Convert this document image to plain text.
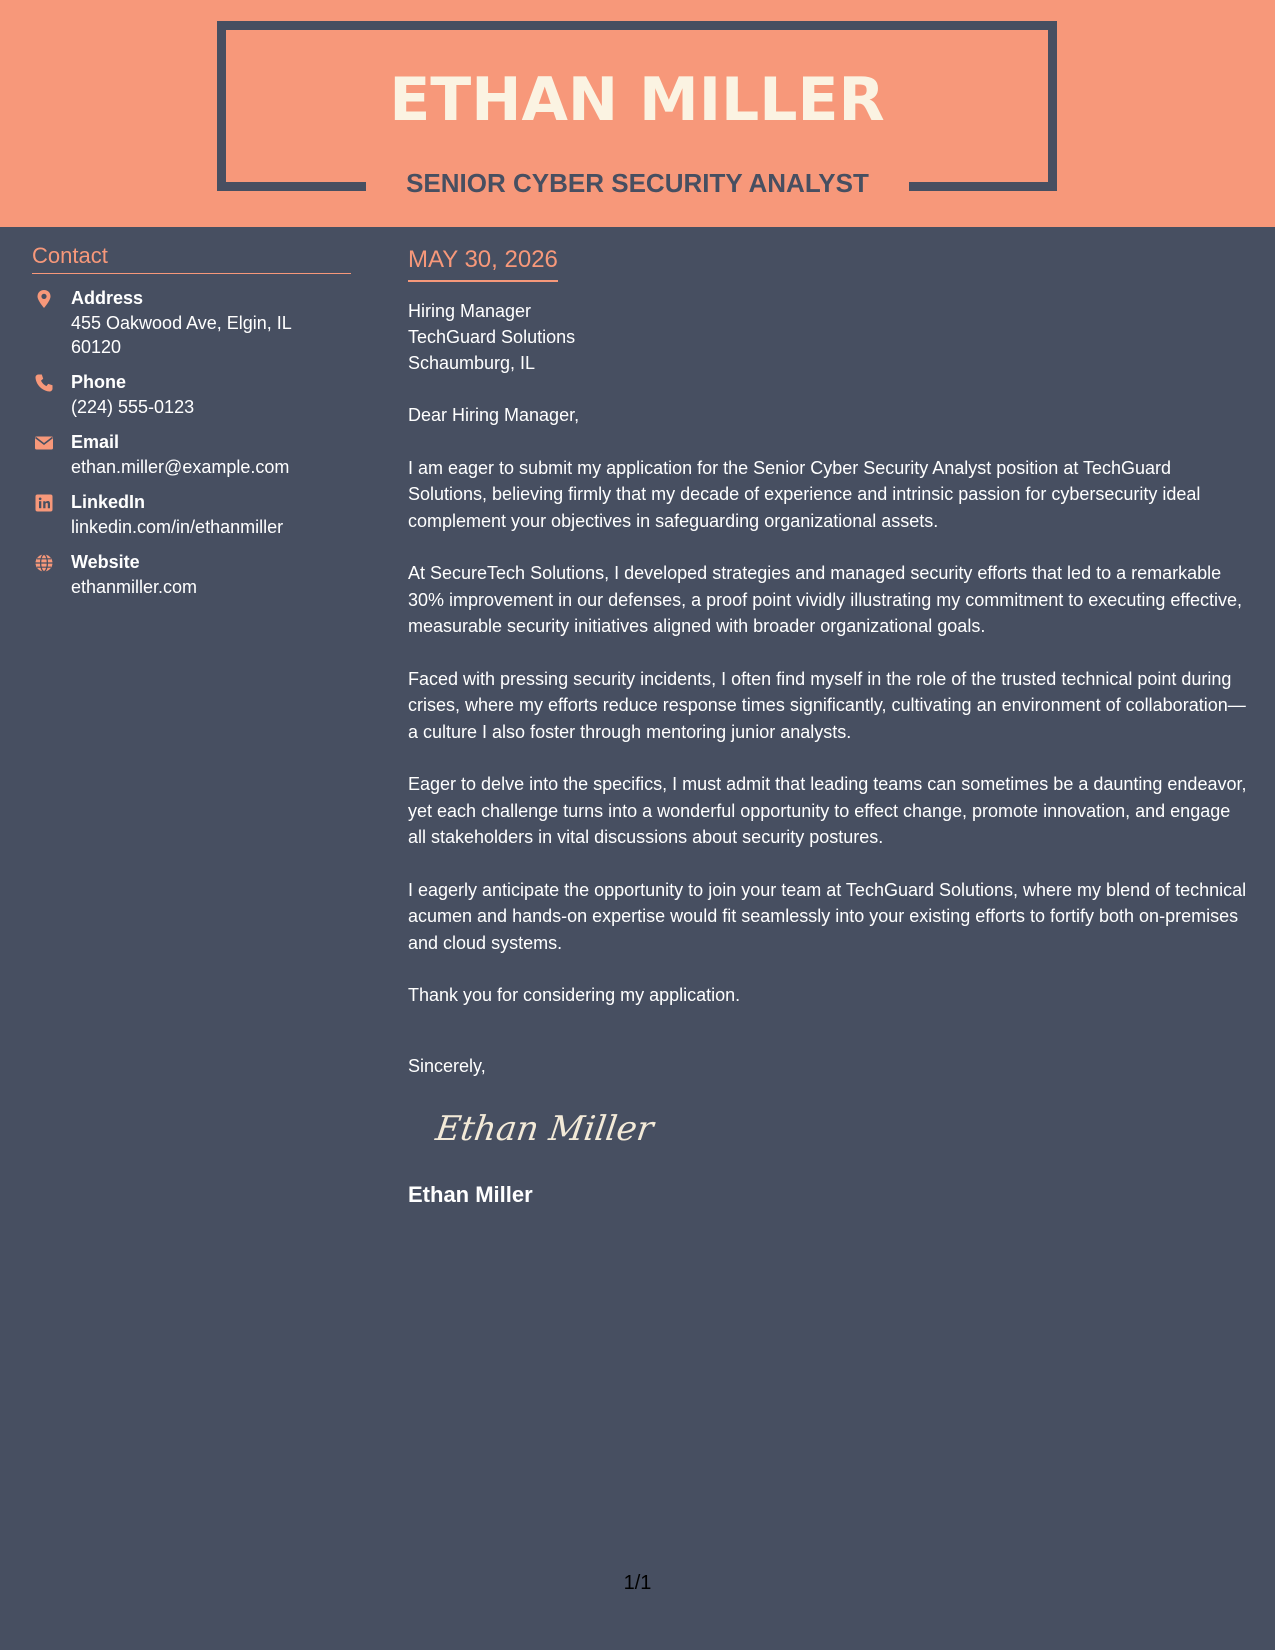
ETHAN MILLER
SENIOR CYBER SECURITY ANALYST
Contact
Address
455 Oakwood Ave, Elgin, IL 60120
Phone
(224) 555-0123
Email
ethan.miller@example.com
LinkedIn
linkedin.com/in/ethanmiller
Website
ethanmiller.com
MAY 30, 2026
Hiring Manager
TechGuard Solutions
Schaumburg, IL

Dear Hiring Manager,

I am eager to submit my application for the Senior Cyber Security Analyst position at TechGuard Solutions, believing firmly that my decade of experience and intrinsic passion for cybersecurity ideal complement your objectives in safeguarding organizational assets.

At SecureTech Solutions, I developed strategies and managed security efforts that led to a remarkable 30% improvement in our defenses, a proof point vividly illustrating my commitment to executing effective, measurable security initiatives aligned with broader organizational goals.

Faced with pressing security incidents, I often find myself in the role of the trusted technical point during crises, where my efforts reduce response times significantly, cultivating an environment of collaboration—a culture I also foster through mentoring junior analysts.

Eager to delve into the specifics, I must admit that leading teams can sometimes be a daunting endeavor, yet each challenge turns into a wonderful opportunity to effect change, promote innovation, and engage all stakeholders in vital discussions about security postures.

I eagerly anticipate the opportunity to join your team at TechGuard Solutions, where my blend of technical acumen and hands-on expertise would fit seamlessly into your existing efforts to fortify both on-premises and cloud systems.

Thank you for considering my application.

Sincerely,

Ethan Miller
Ethan Miller
1/1
